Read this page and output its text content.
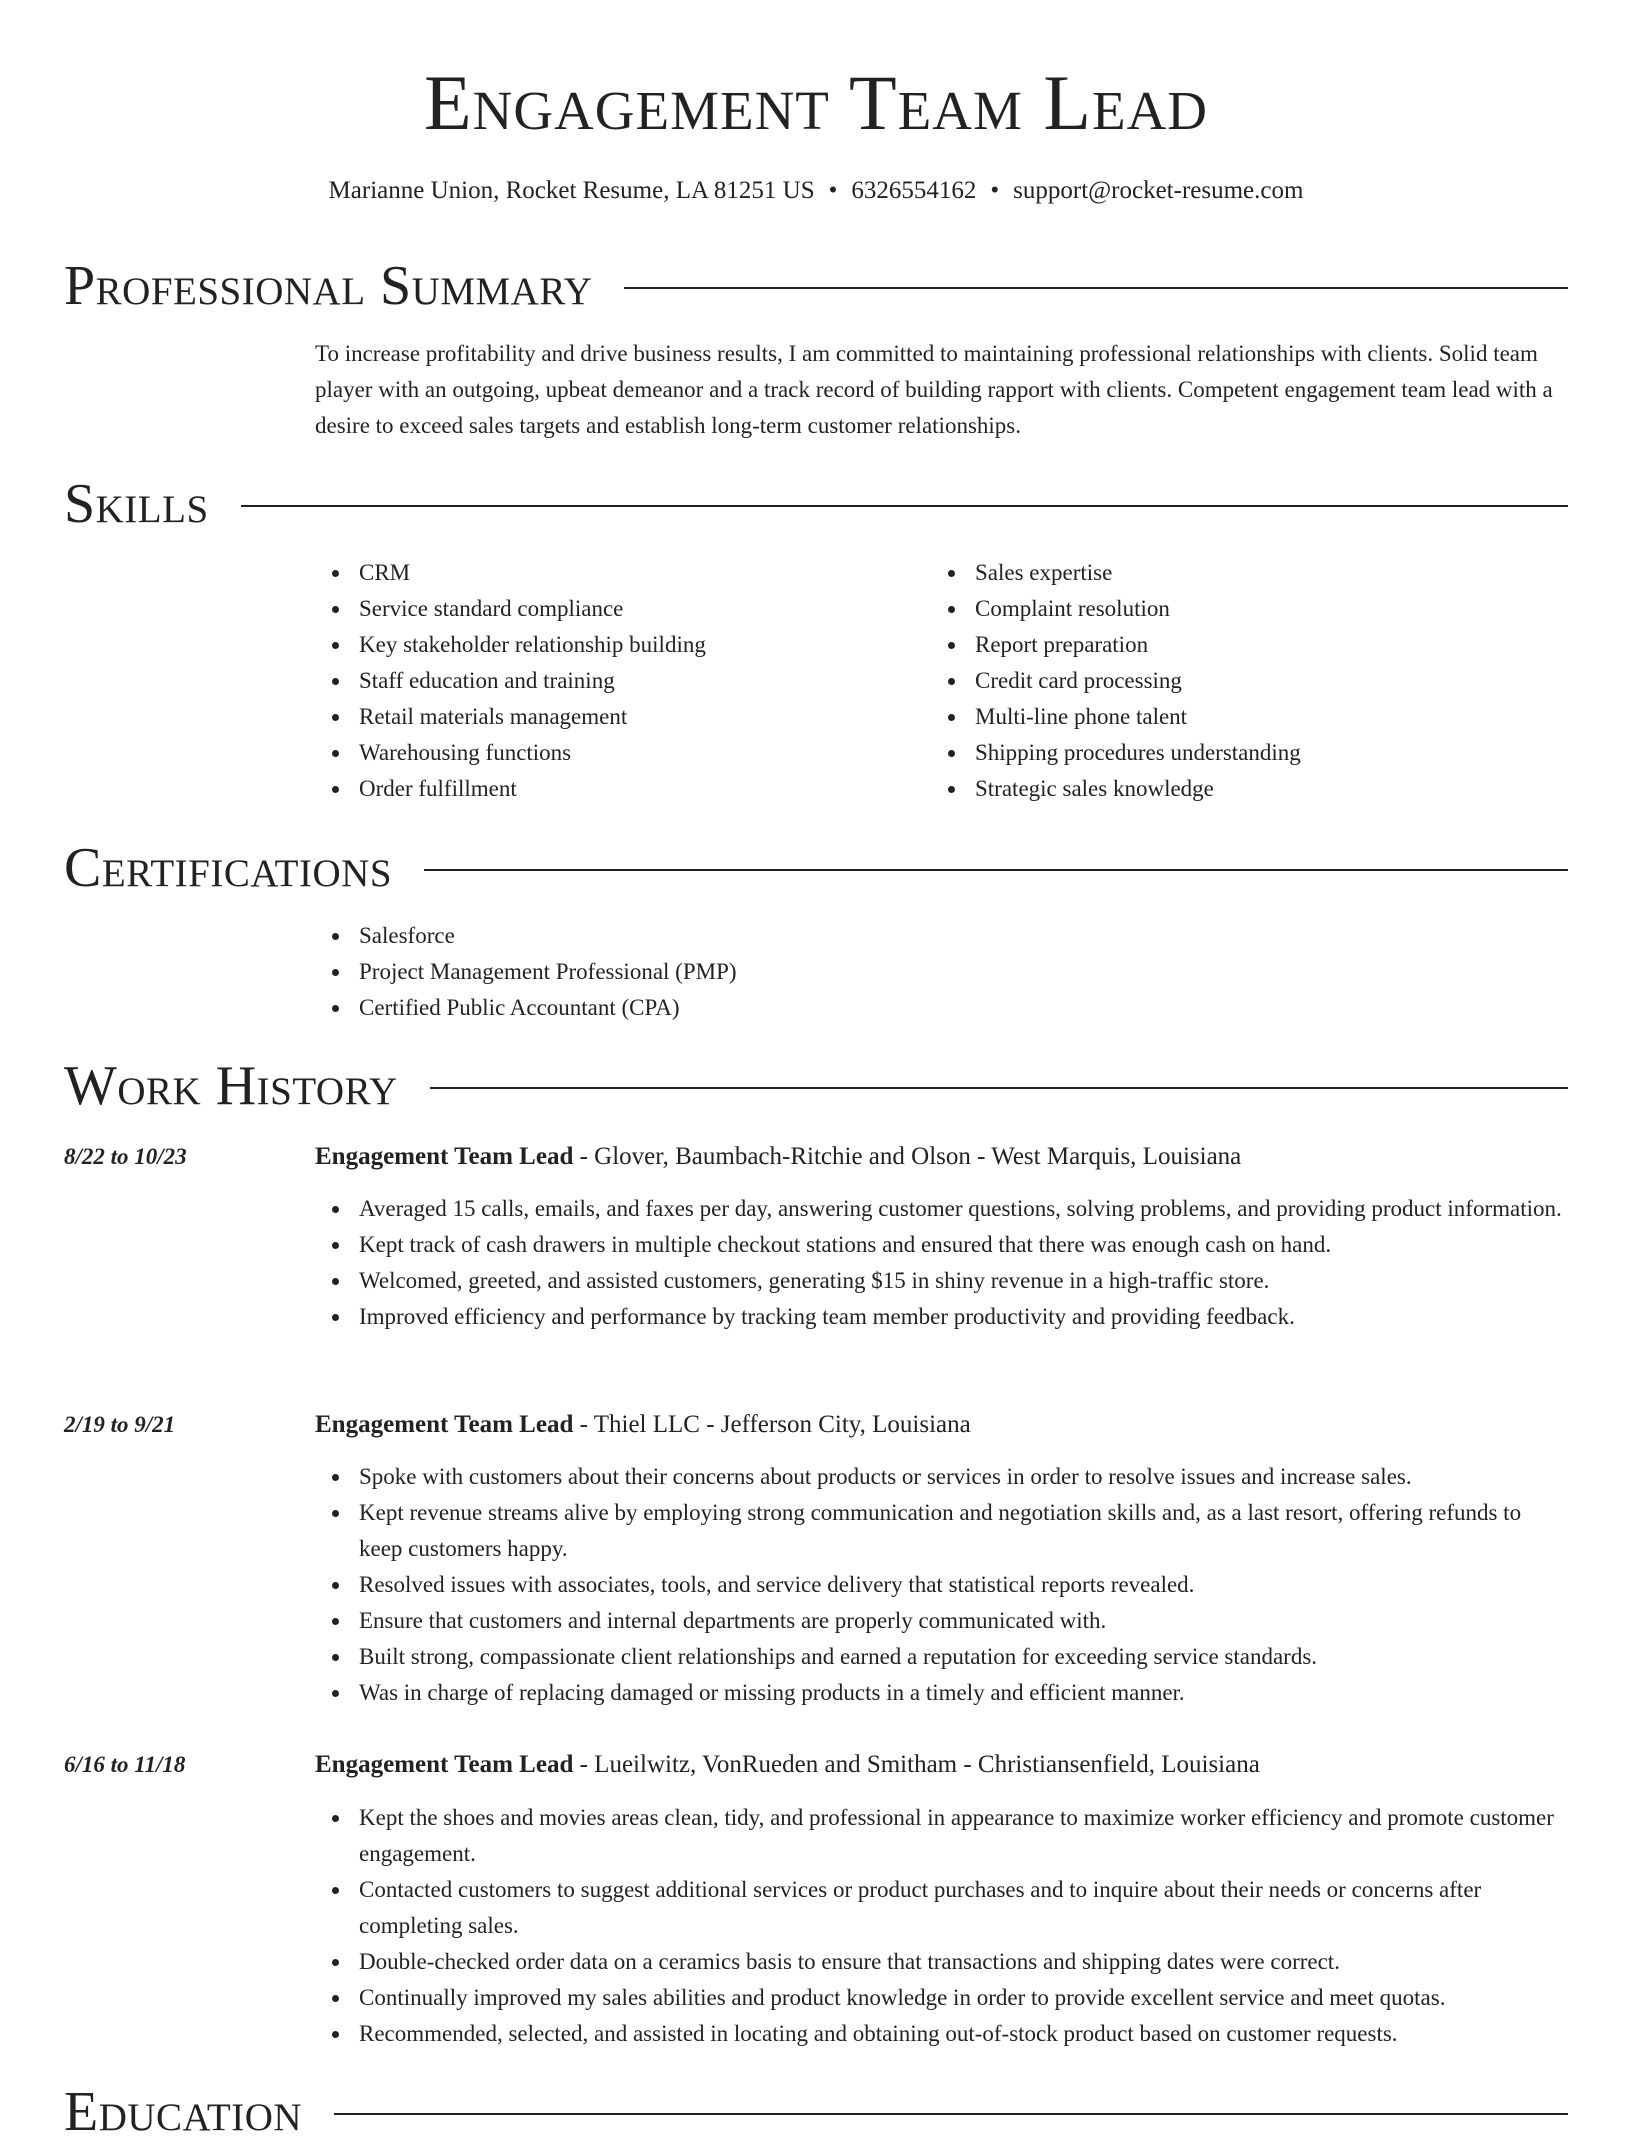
Engagement Team Lead
Marianne Union, Rocket Resume, LA 81251 US • 6326554162 • support@rocket-resume.com
Professional Summary

To increase profitability and drive business results, I am committed to maintaining professional relationships with clients. Solid team player with an outgoing, upbeat demeanor and a track record of building rapport with clients. Competent engagement team lead with a desire to exceed sales targets and establish long-term customer relationships.

Skills
CRM
Service standard compliance
Key stakeholder relationship building
Staff education and training
Retail materials management
Warehousing functions
Order fulfillment
Sales expertise
Complaint resolution
Report preparation
Credit card processing
Multi-line phone talent
Shipping procedures understanding
Strategic sales knowledge
Certifications
Salesforce
Project Management Professional (PMP)
Certified Public Accountant (CPA)
Work History
8/22 to 10/23	Engagement Team Lead - Glover, Baumbach-Ritchie and Olson - West Marquis, Louisiana
Averaged 15 calls, emails, and faxes per day, answering customer questions, solving problems, and providing product information.
Kept track of cash drawers in multiple checkout stations and ensured that there was enough cash on hand.
Welcomed, greeted, and assisted customers, generating $15 in shiny revenue in a high-traffic store.
Improved efficiency and performance by tracking team member productivity and providing feedback.
2/19 to 9/21	Engagement Team Lead - Thiel LLC - Jefferson City, Louisiana
Spoke with customers about their concerns about products or services in order to resolve issues and increase sales.
Kept revenue streams alive by employing strong communication and negotiation skills and, as a last resort, offering refunds to keep customers happy.
Resolved issues with associates, tools, and service delivery that statistical reports revealed.
Ensure that customers and internal departments are properly communicated with.
Built strong, compassionate client relationships and earned a reputation for exceeding service standards.
Was in charge of replacing damaged or missing products in a timely and efficient manner.
6/16 to 11/18	Engagement Team Lead - Lueilwitz, VonRueden and Smitham - Christiansenfield, Louisiana
Kept the shoes and movies areas clean, tidy, and professional in appearance to maximize worker efficiency and promote customer engagement.
Contacted customers to suggest additional services or product purchases and to inquire about their needs or concerns after completing sales.
Double-checked order data on a ceramics basis to ensure that transactions and shipping dates were correct.
Continually improved my sales abilities and product knowledge in order to provide excellent service and meet quotas.
Recommended, selected, and assisted in locating and obtaining out-of-stock product based on customer requests.
Education
